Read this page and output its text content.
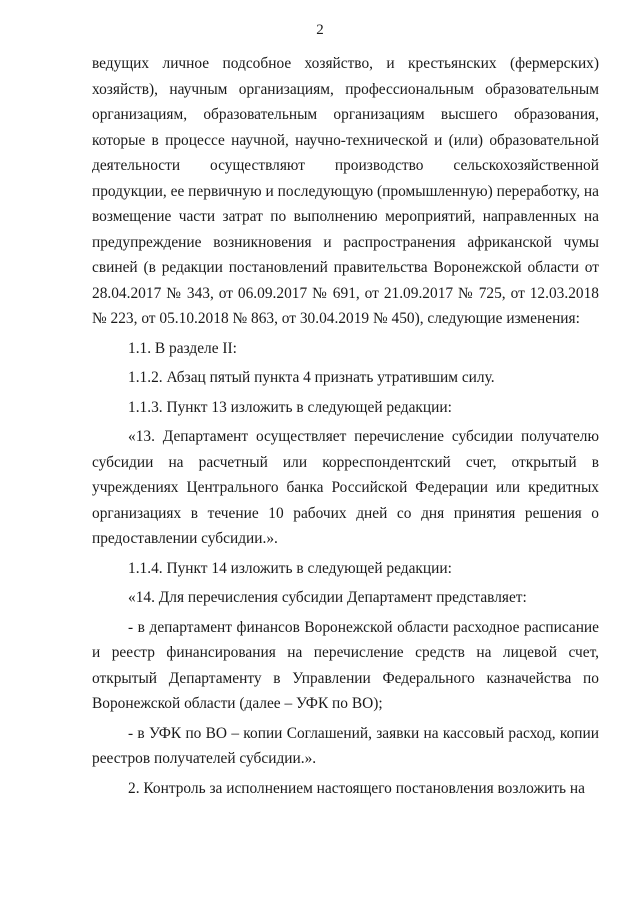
2

ведущих личное подсобное хозяйство, и крестьянских (фермерских) хозяйств), научным организациям, профессиональным образовательным организациям, образовательным организациям высшего образования, которые в процессе научной, научно-технической и (или) образовательной деятельности осуществляют производство сельскохозяйственной продукции, ее первичную и последующую (промышленную) переработку, на возмещение части затрат по выполнению мероприятий, направленных на предупреждение возникновения и распространения африканской чумы свиней (в редакции постановлений правительства Воронежской области от 28.04.2017 № 343, от 06.09.2017 № 691, от 21.09.2017 № 725, от 12.03.2018 № 223, от 05.10.2018 № 863, от 30.04.2019 № 450), следующие изменения:

1.1. В разделе II:

1.1.2. Абзац пятый пункта 4 признать утратившим силу.

1.1.3. Пункт 13 изложить в следующей редакции:

«13. Департамент осуществляет перечисление субсидии получателю субсидии на расчетный или корреспондентский счет, открытый в учреждениях Центрального банка Российской Федерации или кредитных организациях в течение 10 рабочих дней со дня принятия решения о предоставлении субсидии.».

1.1.4. Пункт 14 изложить в следующей редакции:

«14. Для перечисления субсидии Департамент представляет:

- в департамент финансов Воронежской области расходное расписание и реестр финансирования на перечисление средств на лицевой счет, открытый Департаменту в Управлении Федерального казначейства по Воронежской области (далее – УФК по ВО);

- в УФК по ВО – копии Соглашений, заявки на кассовый расход, копии реестров получателей субсидии.».

2. Контроль за исполнением настоящего постановления возложить на
